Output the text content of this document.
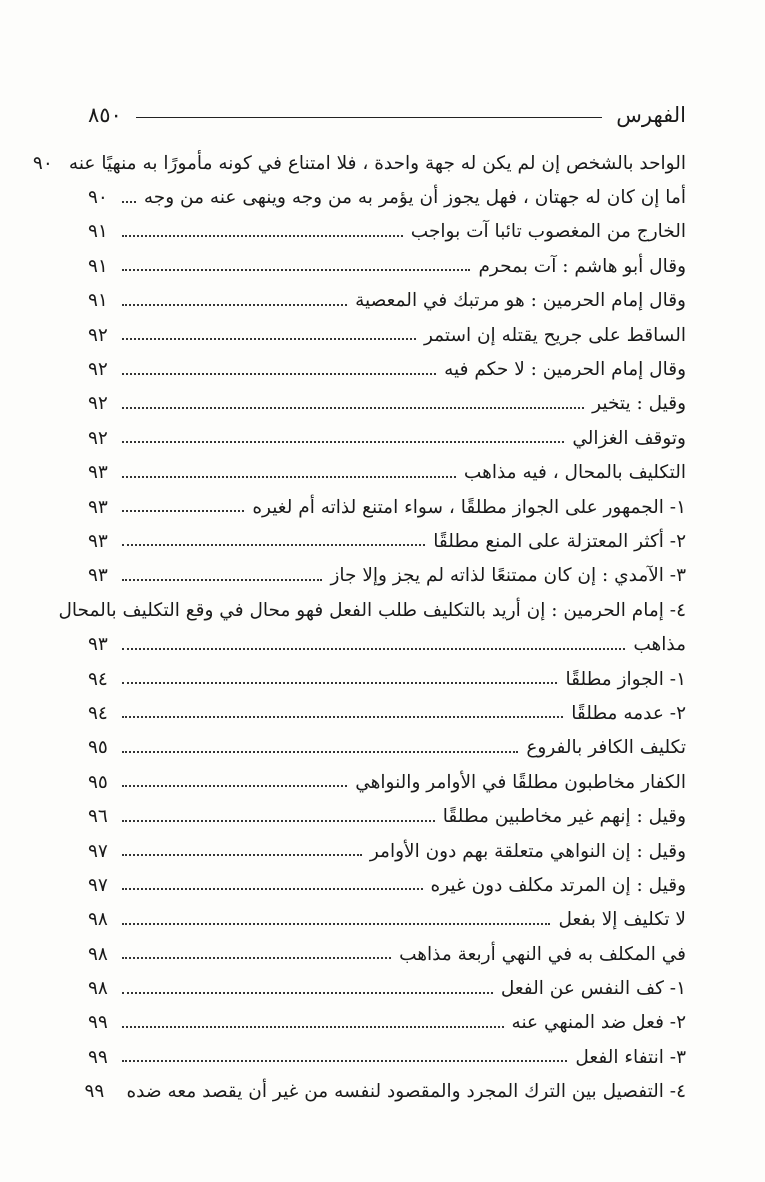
الفهرس
٨٥٠
الواحد بالشخص إن لم يكن له جهة واحدة ، فلا امتناع في كونه مأمورًا به منهيًا عنه
٩٠
أما إن كان له جهتان ، فهل يجوز أن يؤمر به من وجه وينهى عنه من وجه
٩٠
الخارج من المغصوب تائبا آت بواجب
٩١
وقال أبو هاشم : آت بمحرم
٩١
وقال إمام الحرمين : هو مرتبك في المعصية
٩١
الساقط على جريح يقتله إن استمر
٩٢
وقال إمام الحرمين : لا حكم فيه
٩٢
وقيل : يتخير
٩٢
وتوقف الغزالي
٩٢
التكليف بالمحال ، فيه مذاهب
٩٣
١- الجمهور على الجواز مطلقًا ، سواء امتنع لذاته أم لغيره
٩٣
٢- أكثر المعتزلة على المنع مطلقًا
٩٣
٣- الآمدي : إن كان ممتنعًا لذاته لم يجز وإلا جاز
٩٣
٤- إمام الحرمين : إن أريد بالتكليف طلب الفعل فهو محال في وقع التكليف بالمحال
مذاهب
٩٣
١- الجواز مطلقًا
٩٤
٢- عدمه مطلقًا
٩٤
تكليف الكافر بالفروع
٩٥
الكفار مخاطبون مطلقًا في الأوامر والنواهي
٩٥
وقيل : إنهم غير مخاطبين مطلقًا
٩٦
وقيل : إن النواهي متعلقة بهم دون الأوامر
٩٧
وقيل : إن المرتد مكلف دون غيره
٩٧
لا تكليف إلا بفعل
٩٨
في المكلف به في النهي أربعة مذاهب
٩٨
١- كف النفس عن الفعل
٩٨
٢- فعل ضد المنهي عنه
٩٩
٣- انتفاء الفعل
٩٩
٤- التفصيل بين الترك المجرد والمقصود لنفسه من غير أن يقصد معه ضده
٩٩
